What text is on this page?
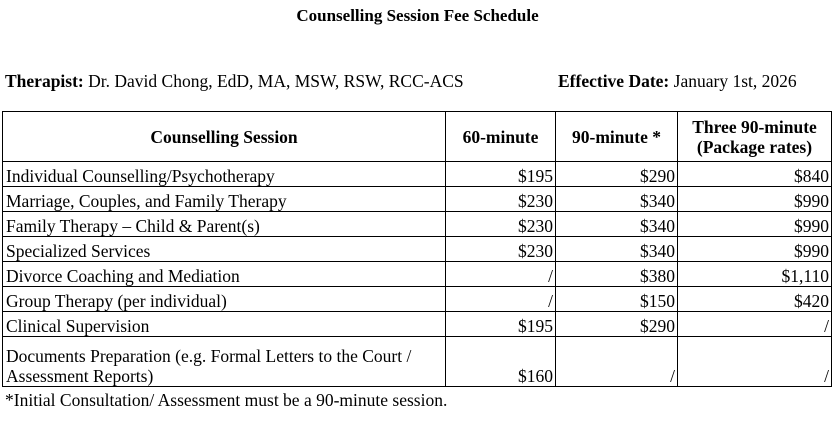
Counselling Session Fee Schedule
Therapist: Dr. David Chong, EdD, MA, MSW, RSW, RCC-ACS	Effective Date: January 1st, 2026
Counselling Session	60-minute	90-minute *	Three 90-minute
(Package rates)
Individual Counselling/Psychotherapy	$195	$290	$840
Marriage, Couples, and Family Therapy	$230	$340	$990
Family Therapy – Child & Parent(s)	$230	$340	$990
Specialized Services	$230	$340	$990
Divorce Coaching and Mediation	/	$380	$1,110
Group Therapy (per individual)	/	$150	$420
Clinical Supervision	$195	$290	/
Documents Preparation (e.g. Formal Letters to the Court / Assessment Reports)	$160	/	/
*Initial Consultation/ Assessment must be a 90-minute session.
